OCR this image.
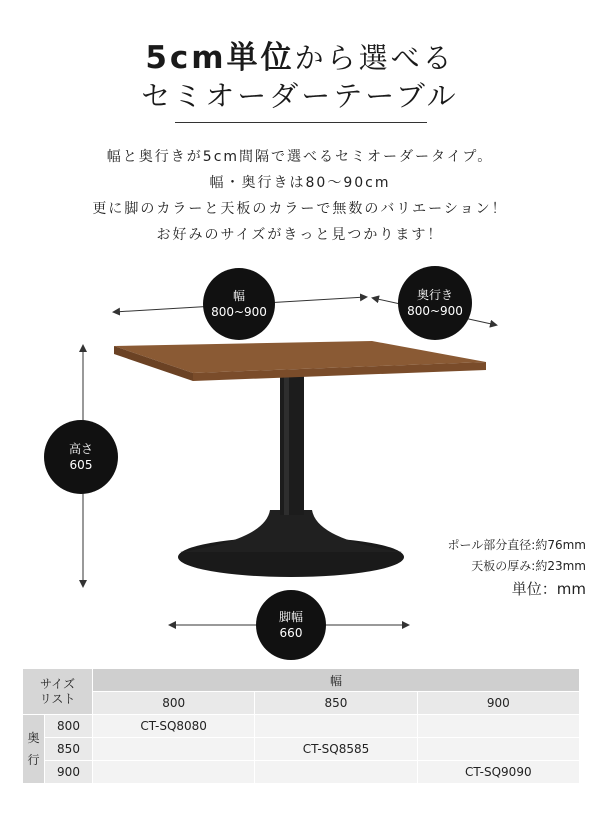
5cm単位から選べる
セミオーダーテーブル
幅と奥行きが5cm間隔で選べるセミオーダータイプ。
幅・奥行きは80〜90cm
更に脚のカラーと天板のカラーで無数のバリエーション！
お好みのサイズがきっと見つかります！
幅
800~900
奥行き
800~900
高さ
605
脚幅
660
ポール部分直径:約76mm
天板の厚み:約23mm
単位：mm
サイズ
リスト		幅		
		800	850	900
奥
行	800	CT-SQ8080		
	850		CT-SQ8585	
	900			CT-SQ9090
